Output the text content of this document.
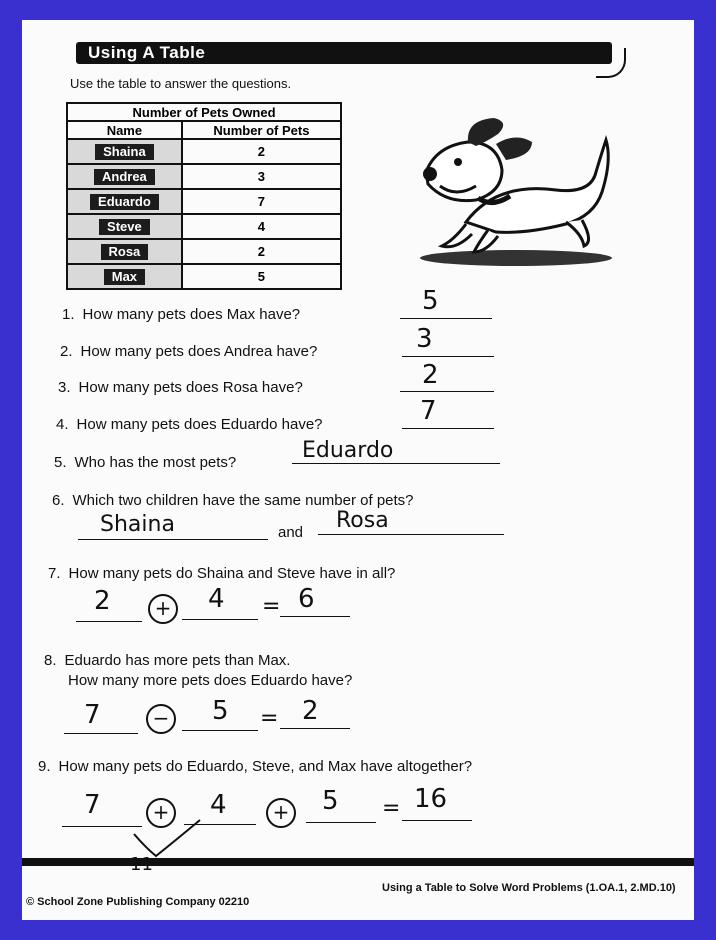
Using A Table
Use the table to answer the questions.
Number of Pets Owned	
Name	Number of Pets
Shaina	2
Andrea	3
Eduardo	7
Steve	4
Rosa	2
Max	5
1. How many pets does Max have?	5
2. How many pets does Andrea have?	3
3. How many pets does Rosa have?	2
4. How many pets does Eduardo have?	7
5. Who has the most pets?	Eduardo
6. Which two children have the same number of pets?
Shaina	and Rosa
7. How many pets do Shaina and Steve have in all?
2	+ 4 = 6
8. Eduardo has more pets than Max.
How many more pets does Eduardo have?
7	− 5 = 2
9. How many pets do Eduardo, Steve, and Max have altogether?
7	+ 4	+ 5 = 16
© School Zone Publishing Company 02210
Using a Table to Solve Word Problems (1.OA.1, 2.MD.10)
